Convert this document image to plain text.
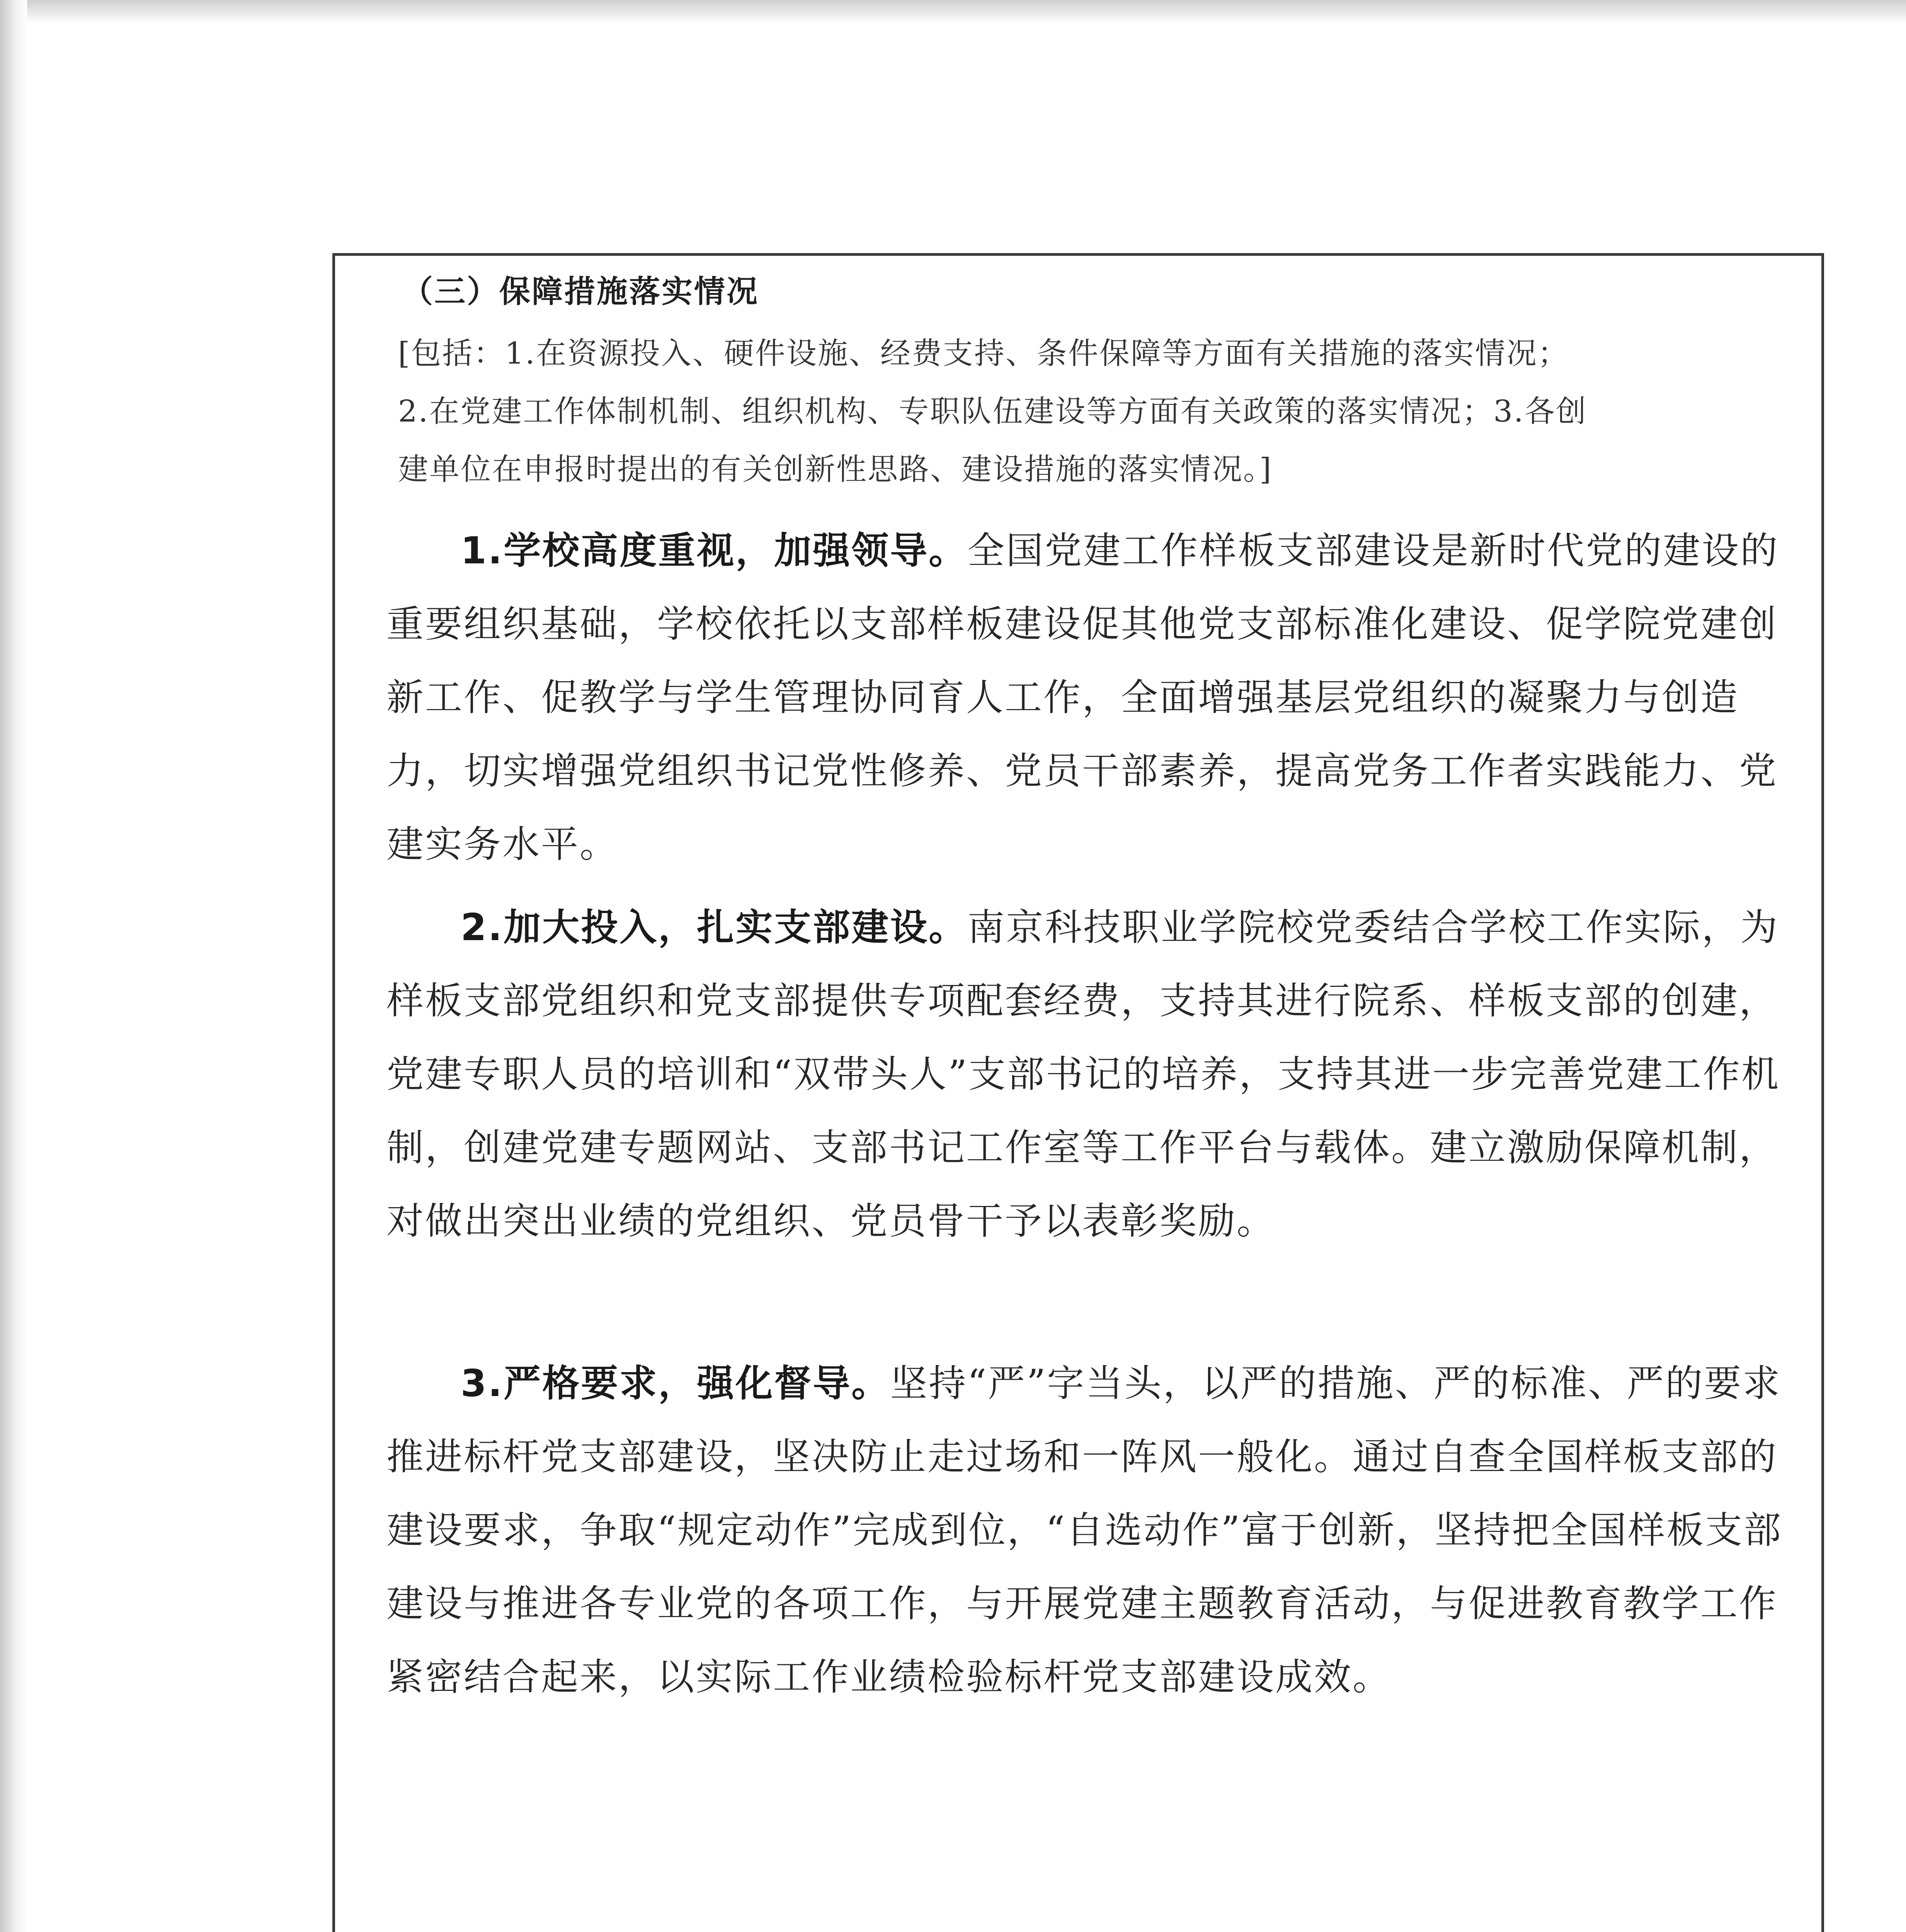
（三）保障措施落实情况
[包括：1.在资源投入、硬件设施、经费支持、条件保障等方面有关措施的落实情况；
2.在党建工作体制机制、组织机构、专职队伍建设等方面有关政策的落实情况；3.各创
建单位在申报时提出的有关创新性思路、建设措施的落实情况。]
1.学校高度重视，加强领导。全国党建工作样板支部建设是新时代党的建设的重要组织基础，学校依托以支部样板建设促其他党支部标准化建设、促学院党建创新工作、促教学与学生管理协同育人工作，全面增强基层党组织的凝聚力与创造力，切实增强党组织书记党性修养、党员干部素养，提高党务工作者实践能力、党建实务水平。
2.加大投入，扎实支部建设。南京科技职业学院校党委结合学校工作实际，为样板支部党组织和党支部提供专项配套经费，支持其进行院系、样板支部的创建，党建专职人员的培训和“双带头人”支部书记的培养，支持其进一步完善党建工作机制，创建党建专题网站、支部书记工作室等工作平台与载体。建立激励保障机制，对做出突出业绩的党组织、党员骨干予以表彰奖励。
3.严格要求，强化督导。坚持“严”字当头，以严的措施、严的标准、严的要求推进标杆党支部建设，坚决防止走过场和一阵风一般化。通过自查全国样板支部的建设要求，争取“规定动作”完成到位，“自选动作”富于创新，坚持把全国样板支部建设与推进各专业党的各项工作，与开展党建主题教育活动，与促进教育教学工作紧密结合起来，以实际工作业绩检验标杆党支部建设成效。
